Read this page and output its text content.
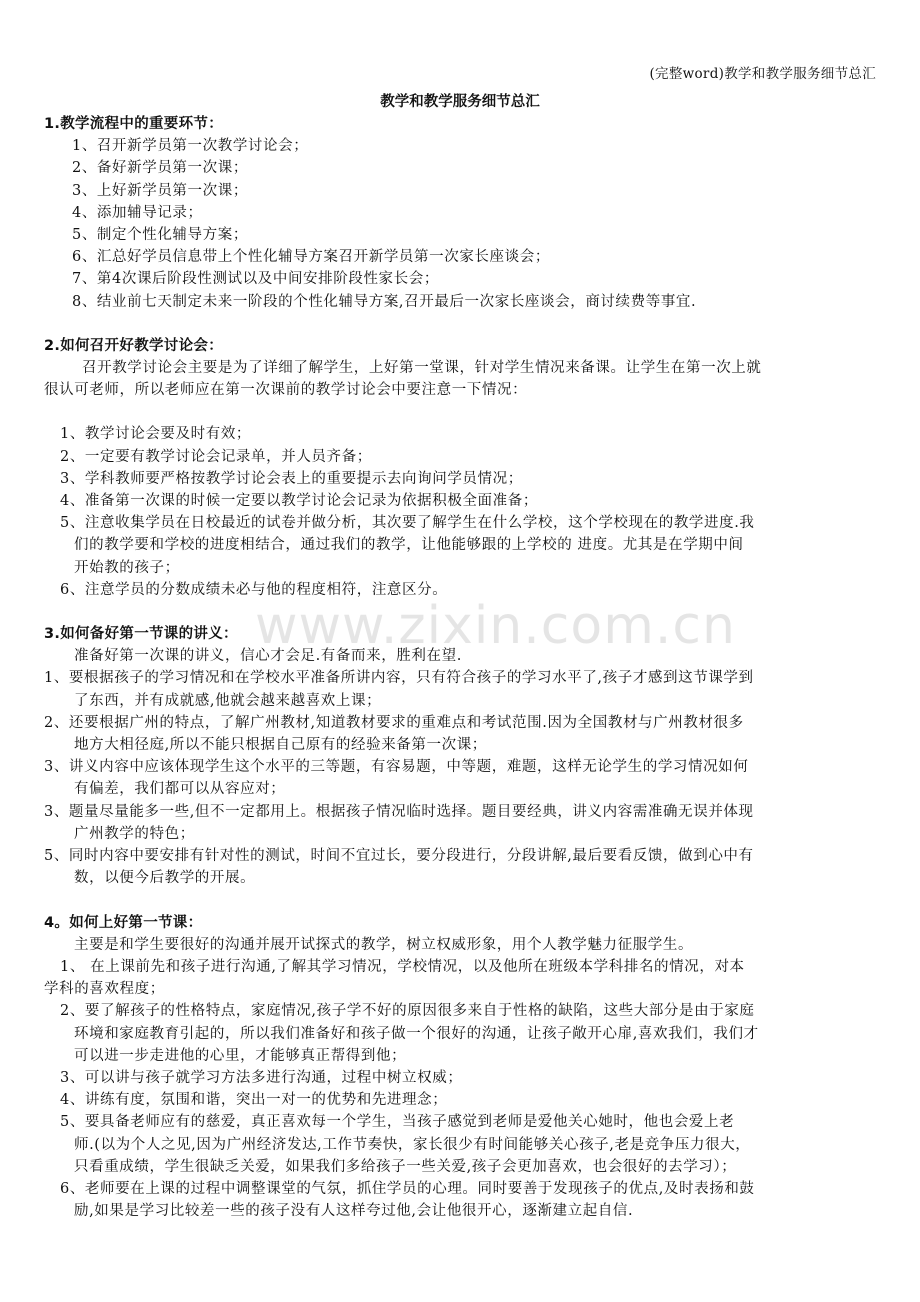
(完整word)教学和教学服务细节总汇
教学和教学服务细节总汇
1.教学流程中的重要环节：
1、召开新学员第一次教学讨论会；
2、备好新学员第一次课；
3、上好新学员第一次课；
4、添加辅导记录；
5、制定个性化辅导方案；
6、汇总好学员信息带上个性化辅导方案召开新学员第一次家长座谈会；
7、第4次课后阶段性测试以及中间安排阶段性家长会；
8、结业前七天制定未来一阶段的个性化辅导方案,召开最后一次家长座谈会，商讨续费等事宜.
2.如何召开好教学讨论会：
召开教学讨论会主要是为了详细了解学生，上好第一堂课，针对学生情况来备课。让学生在第一次上就
很认可老师，所以老师应在第一次课前的教学讨论会中要注意一下情况：
1、教学讨论会要及时有效；
2、一定要有教学讨论会记录单，并人员齐备；
3、学科教师要严格按教学讨论会表上的重要提示去向询问学员情况；
4、准备第一次课的时候一定要以教学讨论会记录为依据积极全面准备；
5、注意收集学员在日校最近的试卷并做分析，其次要了解学生在什么学校，这个学校现在的教学进度.我
们的教学要和学校的进度相结合，通过我们的教学，让他能够跟的上学校的 进度。尤其是在学期中间
开始教的孩子；
6、注意学员的分数成绩未必与他的程度相符，注意区分。
3.如何备好第一节课的讲义：
准备好第一次课的讲义，信心才会足.有备而来，胜利在望.
1、要根据孩子的学习情况和在学校水平准备所讲内容，只有符合孩子的学习水平了,孩子才感到这节课学到
了东西，并有成就感,他就会越来越喜欢上课；
2、还要根据广州的特点，了解广州教材,知道教材要求的重难点和考试范围.因为全国教材与广州教材很多
地方大相径庭,所以不能只根据自己原有的经验来备第一次课；
3、讲义内容中应该体现学生这个水平的三等题，有容易题，中等题，难题，这样无论学生的学习情况如何
有偏差，我们都可以从容应对；
3、题量尽量能多一些,但不一定都用上。根据孩子情况临时选择。题目要经典，讲义内容需准确无误并体现
广州教学的特色；
5、同时内容中要安排有针对性的测试，时间不宜过长，要分段进行，分段讲解,最后要看反馈，做到心中有
数，以便今后教学的开展。
4。如何上好第一节课：
主要是和学生要很好的沟通并展开试探式的教学，树立权威形象，用个人教学魅力征服学生。
1、 在上课前先和孩子进行沟通,了解其学习情况，学校情况，以及他所在班级本学科排名的情况，对本
学科的喜欢程度；
2、要了解孩子的性格特点，家庭情况,孩子学不好的原因很多来自于性格的缺陷，这些大部分是由于家庭
环境和家庭教育引起的，所以我们准备好和孩子做一个很好的沟通，让孩子敞开心扉,喜欢我们，我们才
可以进一步走进他的心里，才能够真正帮得到他；
3、可以讲与孩子就学习方法多进行沟通，过程中树立权威；
4、讲练有度，氛围和谐，突出一对一的优势和先进理念；
5、要具备老师应有的慈爱，真正喜欢每一个学生，当孩子感觉到老师是爱他关心她时，他也会爱上老
师.(以为个人之见,因为广州经济发达,工作节奏快，家长很少有时间能够关心孩子,老是竞争压力很大，
只看重成绩，学生很缺乏关爱，如果我们多给孩子一些关爱,孩子会更加喜欢，也会很好的去学习）；
6、老师要在上课的过程中调整课堂的气氛，抓住学员的心理。同时要善于发现孩子的优点,及时表扬和鼓
励,如果是学习比较差一些的孩子没有人这样夸过他,会让他很开心，逐渐建立起自信.
www.zixin.com.cn
